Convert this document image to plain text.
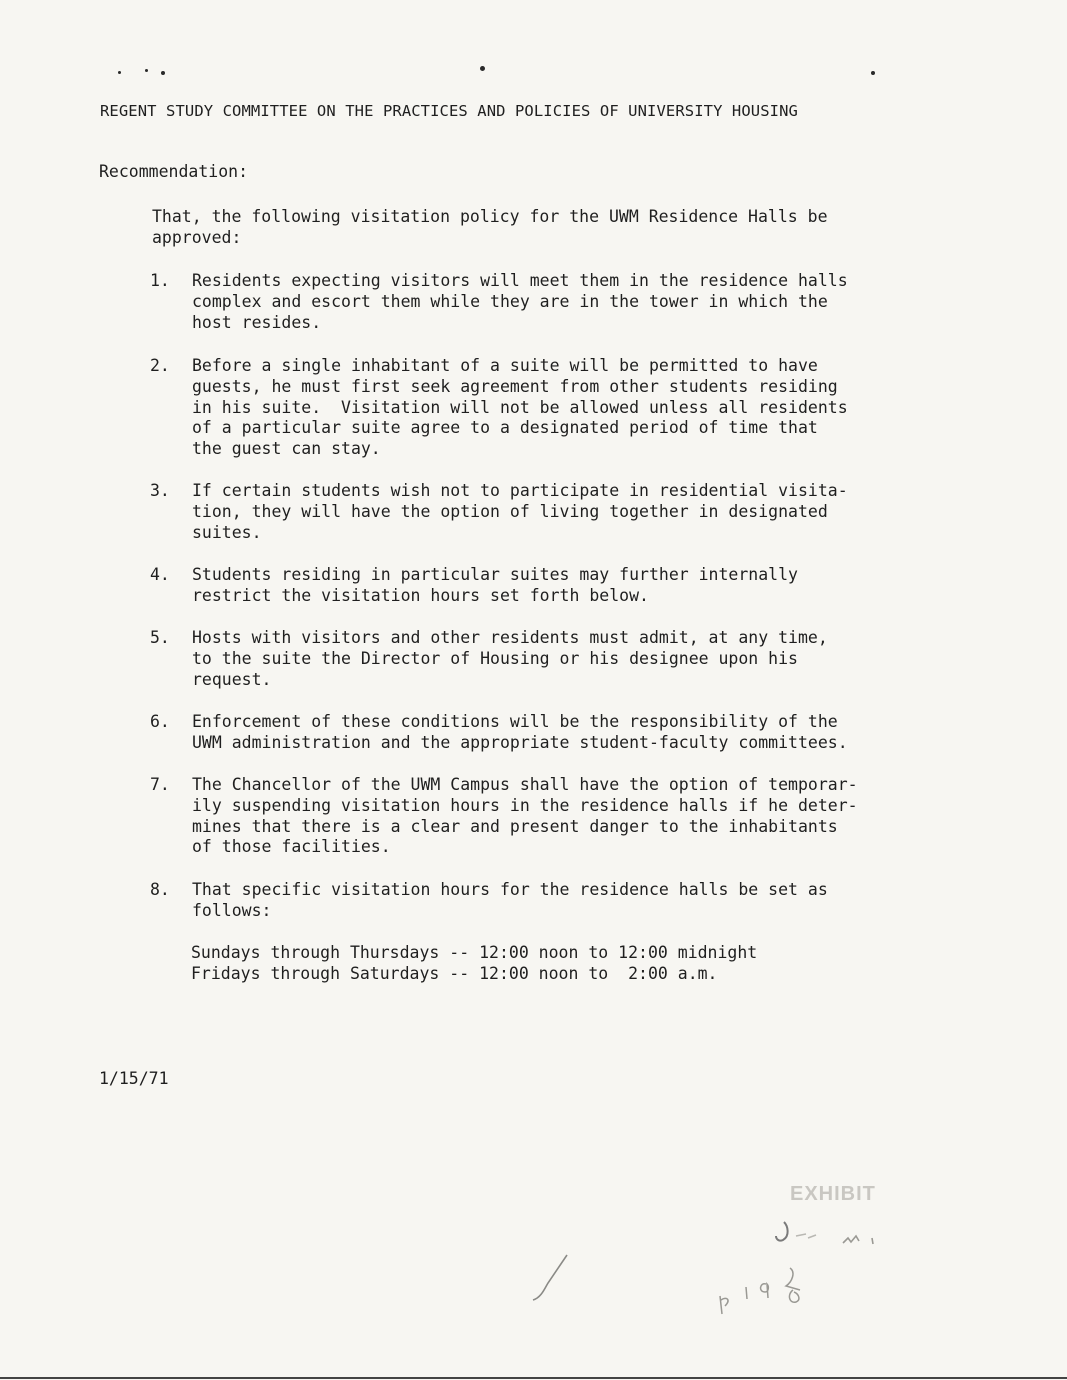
REGENT STUDY COMMITTEE ON THE PRACTICES AND POLICIES OF UNIVERSITY HOUSING
Recommendation:
That, the following visitation policy for the UWM Residence Halls be
approved:
1. Residents expecting visitors will meet them in the residence halls
complex and escort them while they are in the tower in which the
host resides.
2. Before a single inhabitant of a suite will be permitted to have
guests, he must first seek agreement from other students residing
in his suite.  Visitation will not be allowed unless all residents
of a particular suite agree to a designated period of time that
the guest can stay.
3. If certain students wish not to participate in residential visita-
tion, they will have the option of living together in designated
suites.
4. Students residing in particular suites may further internally
restrict the visitation hours set forth below.
5. Hosts with visitors and other residents must admit, at any time,
to the suite the Director of Housing or his designee upon his
request.
6. Enforcement of these conditions will be the responsibility of the
UWM administration and the appropriate student-faculty committees.
7. The Chancellor of the UWM Campus shall have the option of temporar-
ily suspending visitation hours in the residence halls if he deter-
mines that there is a clear and present danger to the inhabitants
of those facilities.
8. That specific visitation hours for the residence halls be set as
follows:
Sundays through Thursdays -- 12:00 noon to 12:00 midnight
Fridays through Saturdays -- 12:00 noon to  2:00 a.m.
1/15/71
EXHIBIT
